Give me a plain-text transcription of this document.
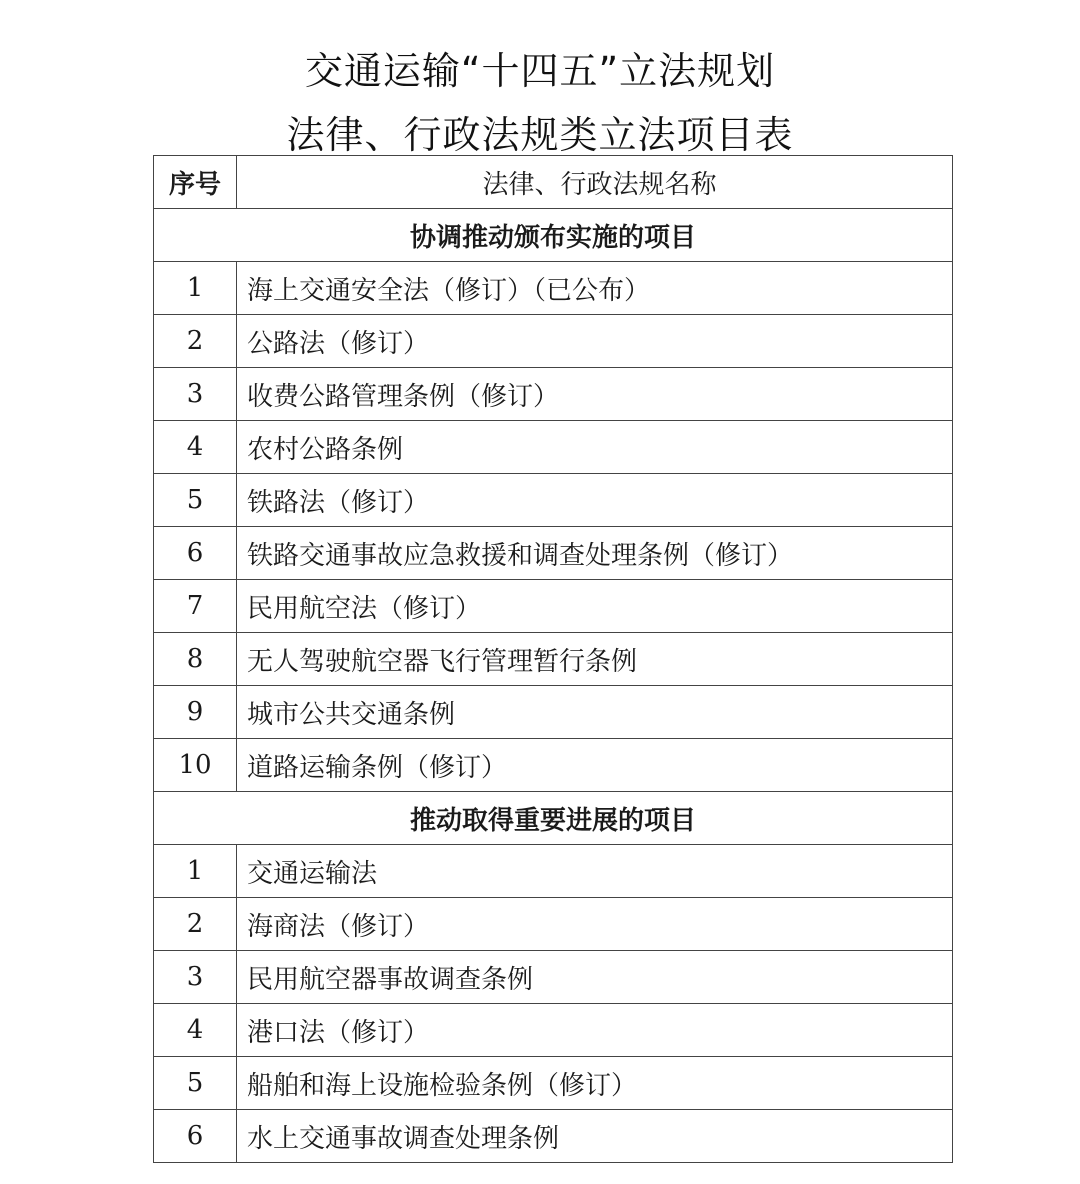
交通运输“十四五”立法规划
法律、行政法规类立法项目表
序号	法律、行政法规名称
协调推动颁布实施的项目	
1	海上交通安全法（修订）（已公布）
2	公路法（修订）
3	收费公路管理条例（修订）
4	农村公路条例
5	铁路法（修订）
6	铁路交通事故应急救援和调查处理条例（修订）
7	民用航空法（修订）
8	无人驾驶航空器飞行管理暂行条例
9	城市公共交通条例
10	道路运输条例（修订）
推动取得重要进展的项目	
1	交通运输法
2	海商法（修订）
3	民用航空器事故调查条例
4	港口法（修订）
5	船舶和海上设施检验条例（修订）
6	水上交通事故调查处理条例
